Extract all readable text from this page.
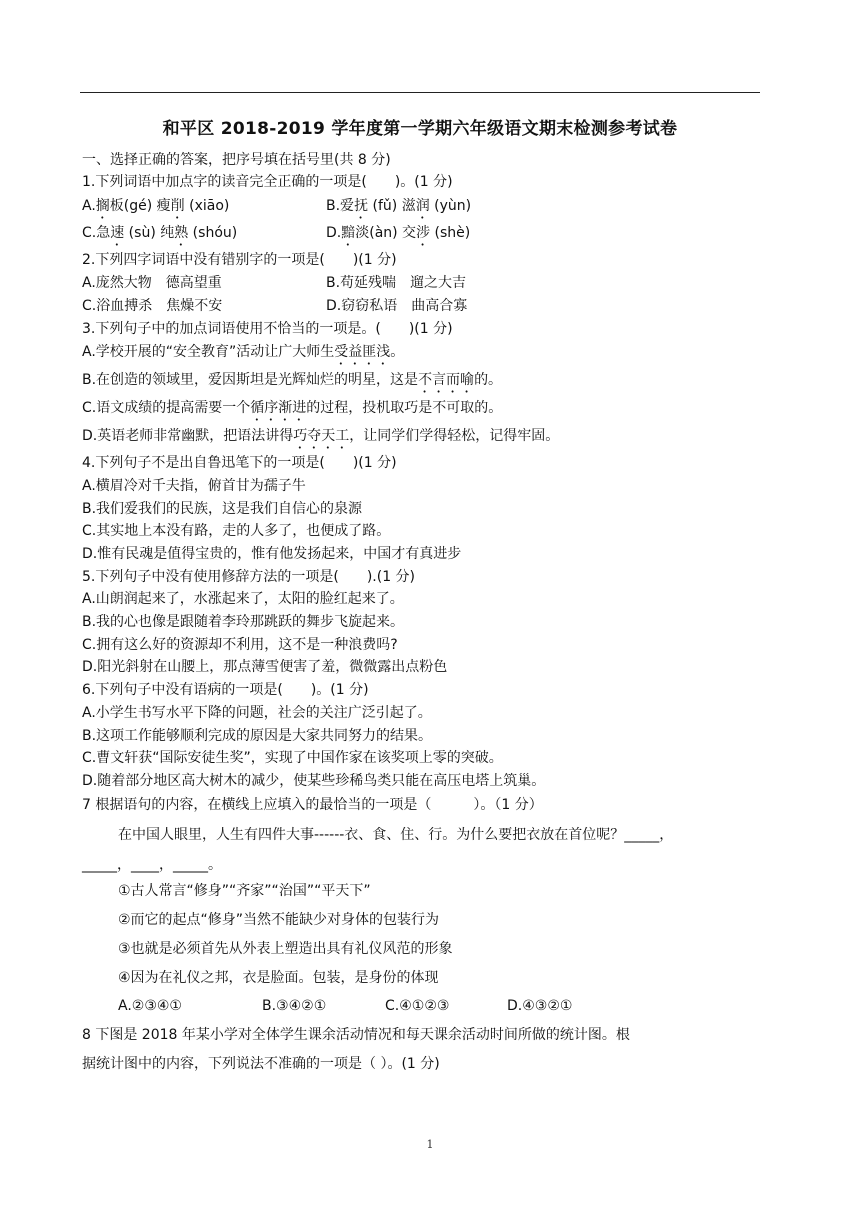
和平区 2018-2019 学年度第一学期六年级语文期末检测参考试卷
一、选择正确的答案，把序号填在括号里(共 8 分)
1.下列词语中加点字的读音完全正确的一项是(　　)。(1 分)
A.搁板(gé) 瘦削 (xiāo)	B.爱抚 (fǔ) 滋润 (yùn)
C.急速 (sù) 纯熟 (shóu)	D.黯淡(àn) 交涉 (shè)
2.下列四字词语中没有错别字的一项是(　　)(1 分)
A.庞然大物　德高望重	B.苟延残喘　遛之大吉
C.浴血搏杀　焦燥不安	D.窃窃私语　曲高合寡
3.下列句子中的加点词语使用不恰当的一项是。(　　)(1 分)
A.学校开展的“安全教育”活动让广大师生受益匪浅。
B.在创造的领域里，爱因斯坦是光辉灿烂的明星，这是不言而喻的。
C.语文成绩的提高需要一个循序渐进的过程，投机取巧是不可取的。
D.英语老师非常幽默，把语法讲得巧夺天工，让同学们学得轻松，记得牢固。
4.下列句子不是出自鲁迅笔下的一项是(　　)(1 分)
A.横眉冷对千夫指，俯首甘为孺子牛
B.我们爱我们的民族，这是我们自信心的泉源
C.其实地上本没有路，走的人多了，也便成了路。
D.惟有民魂是值得宝贵的，惟有他发扬起来，中国才有真进步
5.下列句子中没有使用修辞方法的一项是(　　).(1 分)
A.山朗润起来了，水涨起来了，太阳的脸红起来了。
B.我的心也像是跟随着李玲那跳跃的舞步飞旋起来。
C.拥有这么好的资源却不利用，这不是一种浪费吗?
D.阳光斜射在山腰上，那点薄雪便害了羞，微微露出点粉色
6.下列句子中没有语病的一项是(　　)。(1 分)
A.小学生书写水平下降的问题，社会的关注广泛引起了。
B.这项工作能够顺利完成的原因是大家共同努力的结果。
C.曹文轩获“国际安徒生奖”，实现了中国作家在该奖项上零的突破。
D.随着部分地区高大树木的减少，使某些珍稀鸟类只能在高压电塔上筑巢。
7 根据语句的内容，在横线上应填入的最恰当的一项是（　　　）。（1 分）
在中国人眼里，人生有四件大事------衣、食、住、行。为什么要把衣放在首位呢？_____，
_____，____，_____。
①古人常言“修身”“齐家”“治国”“平天下”
②而它的起点“修身”当然不能缺少对身体的包装行为
③也就是必须首先从外表上塑造出具有礼仪风范的形象
④因为在礼仪之邦，衣是脸面。包装，是身份的体现
A.②③④①	B.③④②①	C.④①②③	D.④③②①
8 下图是 2018 年某小学对全体学生课余活动情况和每天课余活动时间所做的统计图。根
据统计图中的内容，下列说法不准确的一项是（ ）。(1 分)
1
